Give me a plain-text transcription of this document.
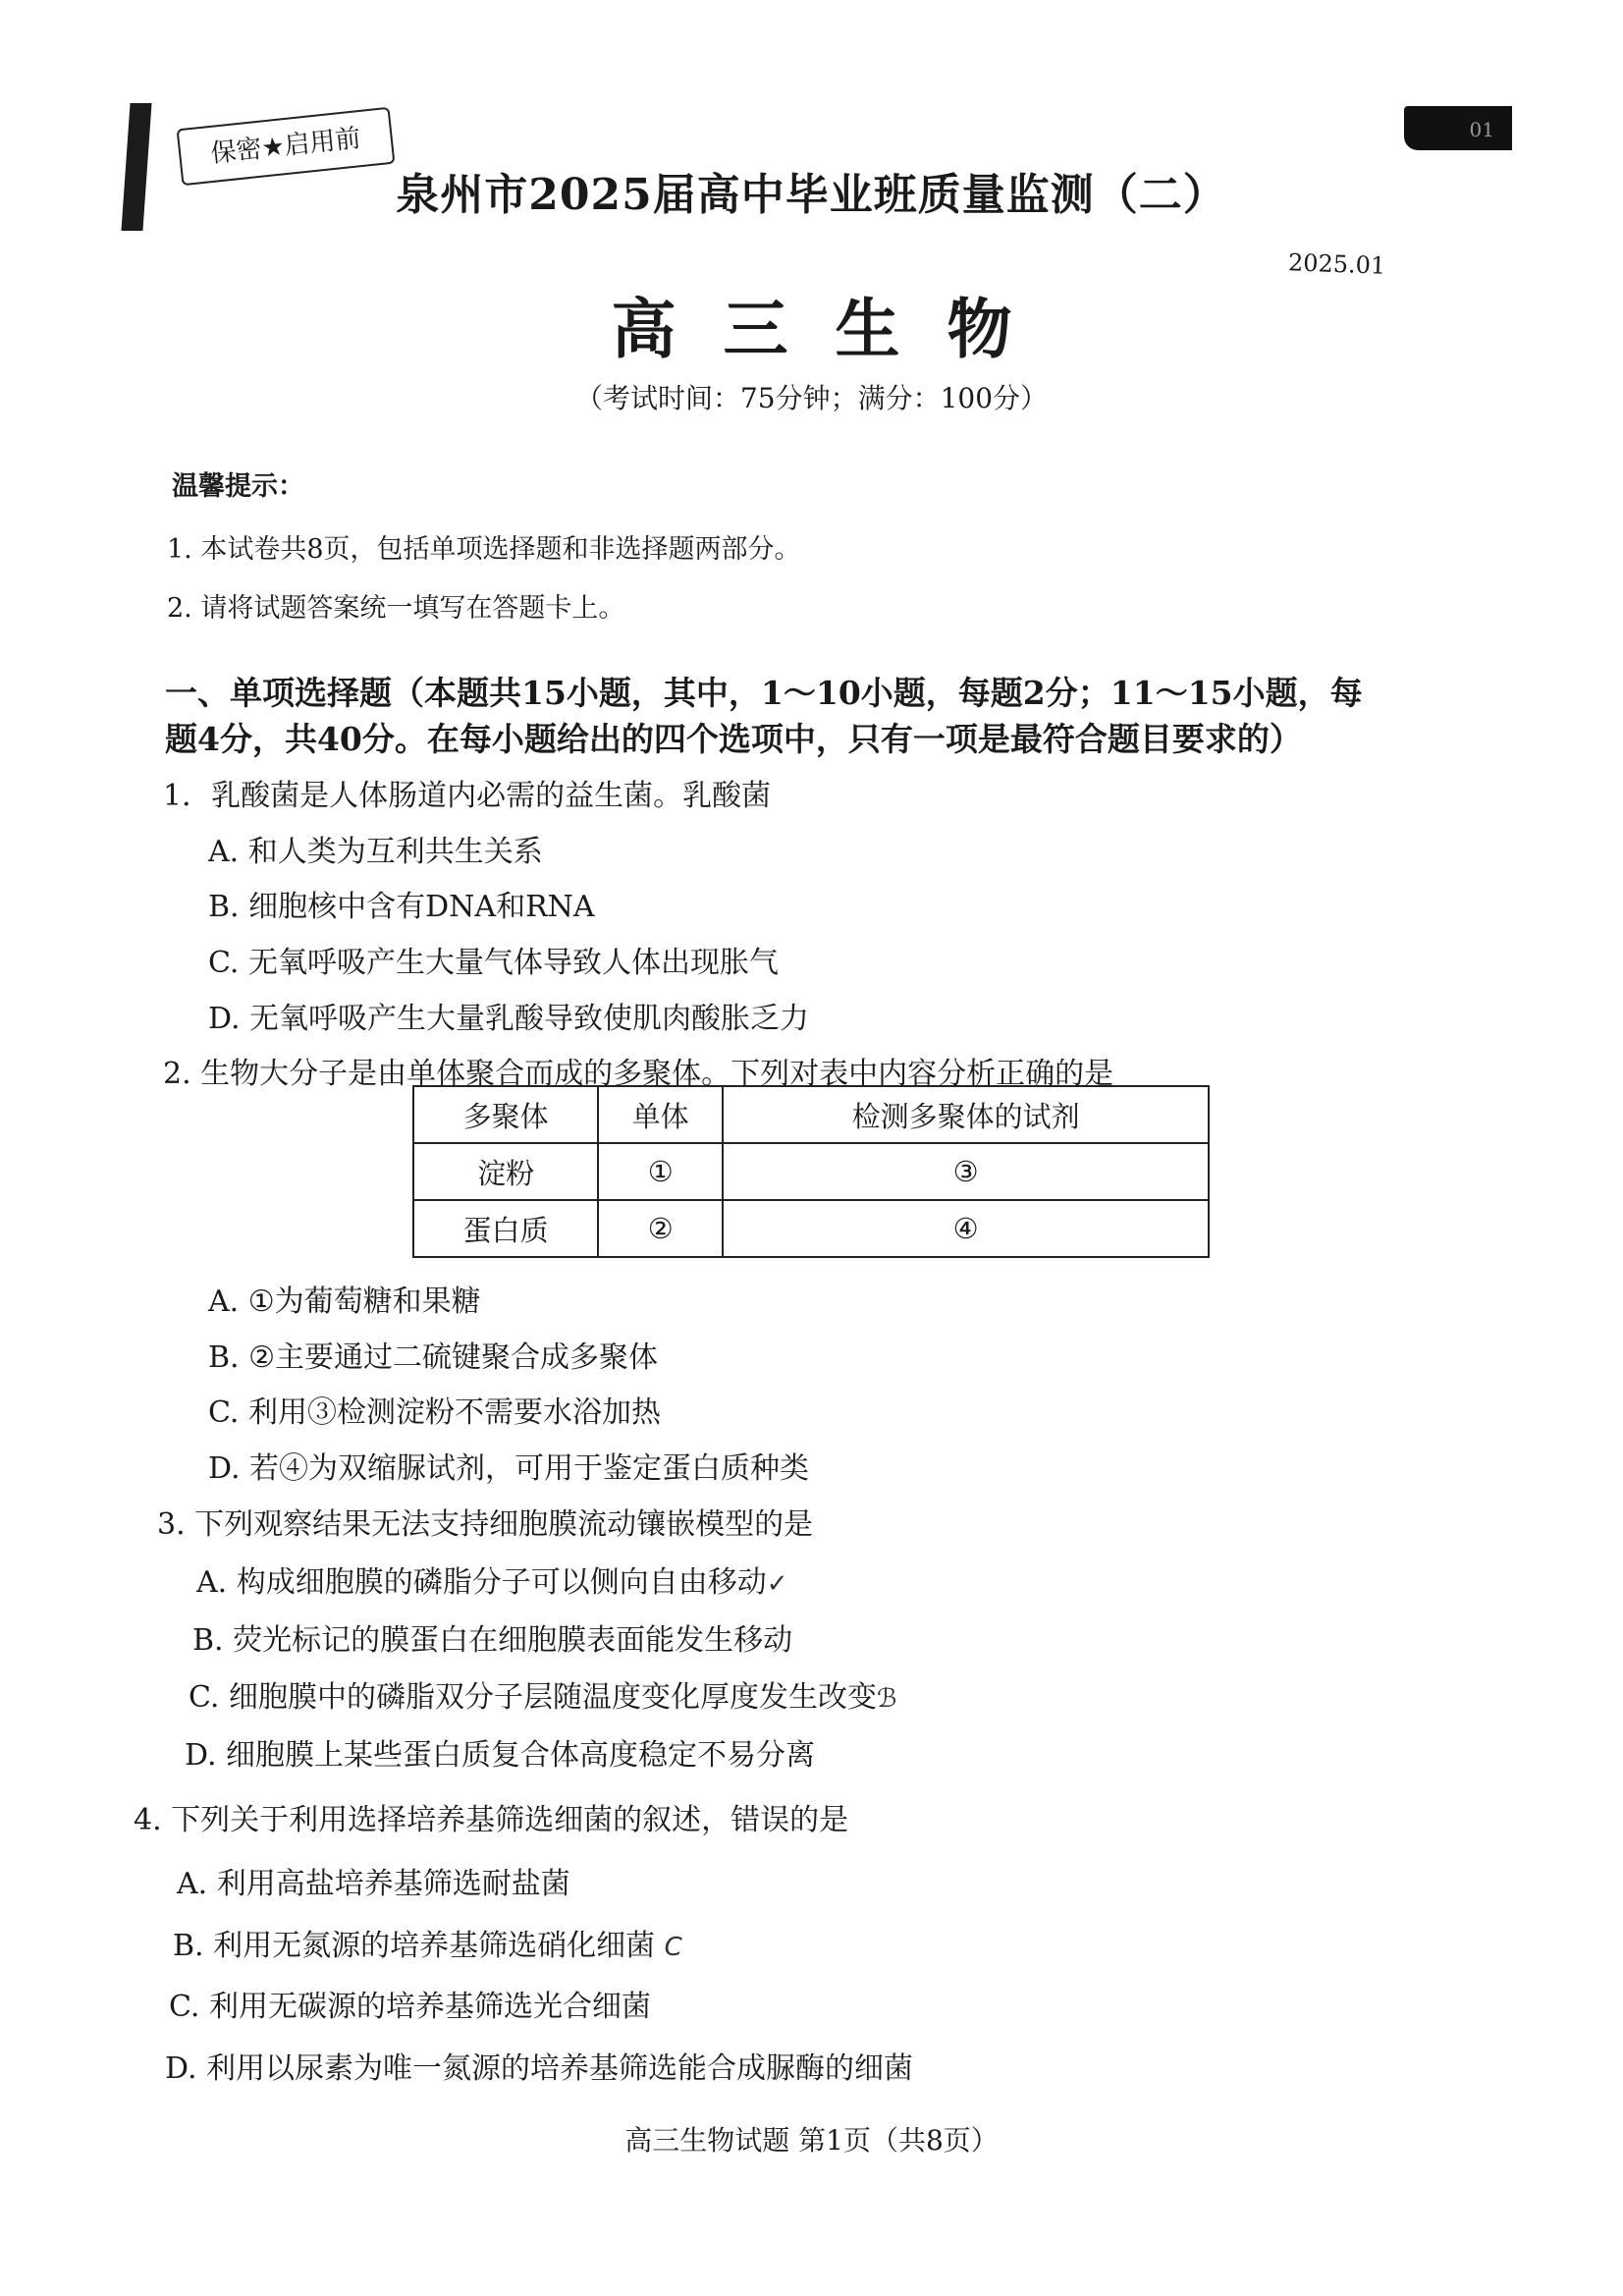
01
保密★启用前
泉州市2025届高中毕业班质量监测（二）
2025.01
高三生物
（考试时间：75分钟；满分：100分）
温馨提示：
1. 本试卷共8页，包括单项选择题和非选择题两部分。
2. 请将试题答案统一填写在答题卡上。
一、单项选择题（本题共15小题，其中，1～10小题，每题2分；11～15小题，每
题4分，共40分。在每小题给出的四个选项中，只有一项是最符合题目要求的）
1．乳酸菌是人体肠道内必需的益生菌。乳酸菌
A. 和人类为互利共生关系
B. 细胞核中含有DNA和RNA
C. 无氧呼吸产生大量气体导致人体出现胀气
D. 无氧呼吸产生大量乳酸导致使肌肉酸胀乏力
2. 生物大分子是由单体聚合而成的多聚体。下列对表中内容分析正确的是
多聚体	单体	检测多聚体的试剂
淀粉	①	③
蛋白质	②	④
A. ①为葡萄糖和果糖
B. ②主要通过二硫键聚合成多聚体
C. 利用③检测淀粉不需要水浴加热
D. 若④为双缩脲试剂，可用于鉴定蛋白质种类
3. 下列观察结果无法支持细胞膜流动镶嵌模型的是
A. 构成细胞膜的磷脂分子可以侧向自由移动✓
B. 荧光标记的膜蛋白在细胞膜表面能发生移动
C. 细胞膜中的磷脂双分子层随温度变化厚度发生改变ℬ
D. 细胞膜上某些蛋白质复合体高度稳定不易分离
4. 下列关于利用选择培养基筛选细菌的叙述，错误的是
A. 利用高盐培养基筛选耐盐菌
B. 利用无氮源的培养基筛选硝化细菌 C
C. 利用无碳源的培养基筛选光合细菌
D. 利用以尿素为唯一氮源的培养基筛选能合成脲酶的细菌
高三生物试题 第1页（共8页）
